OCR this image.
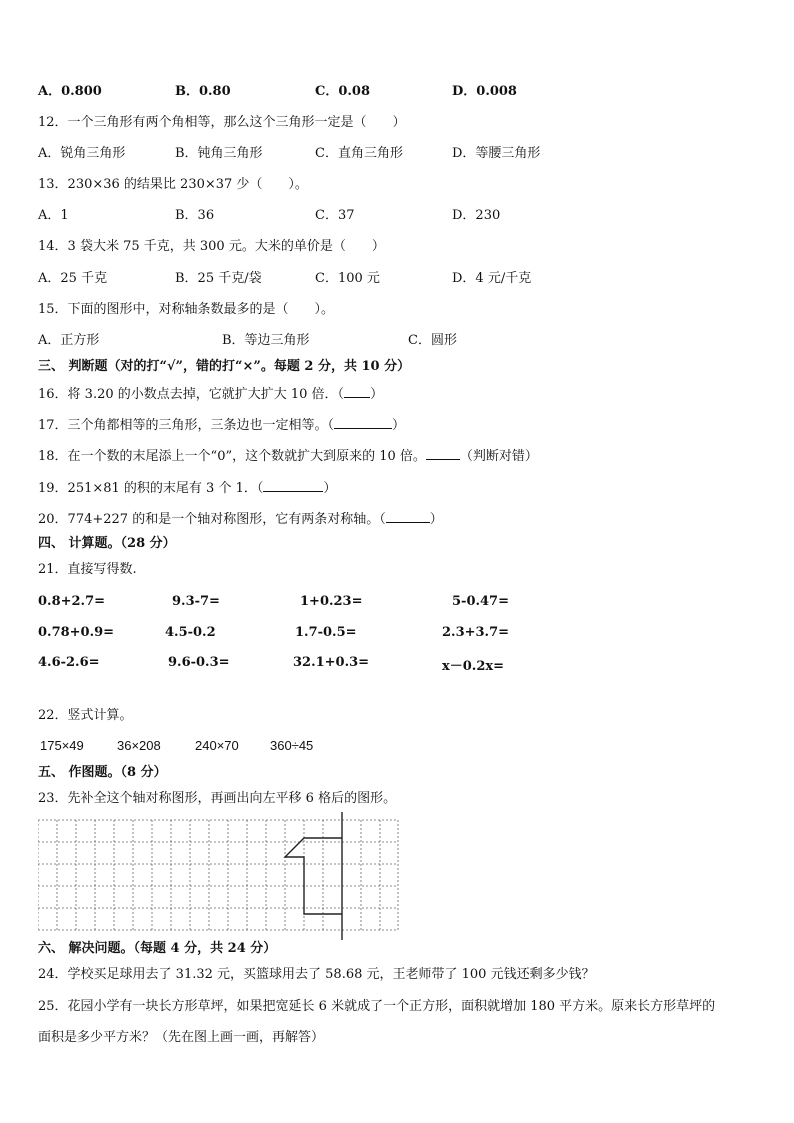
A．0.800	B．0.80	C．0.08	D．0.008
12．一个三角形有两个角相等，那么这个三角形一定是（　　）
A．锐角三角形	B．钝角三角形	C．直角三角形	D．等腰三角形
13．230×36 的结果比 230×37 少（　　）。
A．1	B．36	C．37	D．230
14．3 袋大米 75 千克，共 300 元。大米的单价是（　　）
A．25 千克	B．25 千克/袋	C．100 元	D．4 元/千克
15．下面的图形中，对称轴条数最多的是（　　）。
A．正方形	B．等边三角形	C．圆形
三、 判断题（对的打“√”，错的打“×”。每题 2 分，共 10 分）
16．将 3.20 的小数点去掉，它就扩大扩大 10 倍．（ ）
17．三个角都相等的三角形，三条边也一定相等。（	）
18．在一个数的末尾添上一个“0”，这个数就扩大到原来的 10 倍。	（判断对错）
19．251×81 的积的末尾有 3 个 1．（	）
20．774+227 的和是一个轴对称图形，它有两条对称轴。（	）
四、 计算题。（28 分）
21．直接写得数.
0.8+2.7=	9.3-7=	1+0.23=	5-0.47=
0.78+0.9=	4.5-0.2	1.7-0.5=	2.3+3.7=
4.6-2.6=	9.6-0.3=	32.1+0.3=	x－0.2x=
22．竖式计算。
175×49	36×208	240×70 360÷45
五、 作图题。（8 分）
23．先补全这个轴对称图形，再画出向左平移 6 格后的图形。
六、 解决问题。（每题 4 分，共 24 分）
24．学校买足球用去了 31.32 元，买篮球用去了 58.68 元，王老师带了 100 元钱还剩多少钱？
25．花园小学有一块长方形草坪，如果把宽延长 6 米就成了一个正方形，面积就增加 180 平方米。原来长方形草坪的
面积是多少平方米？（先在图上画一画，再解答）
